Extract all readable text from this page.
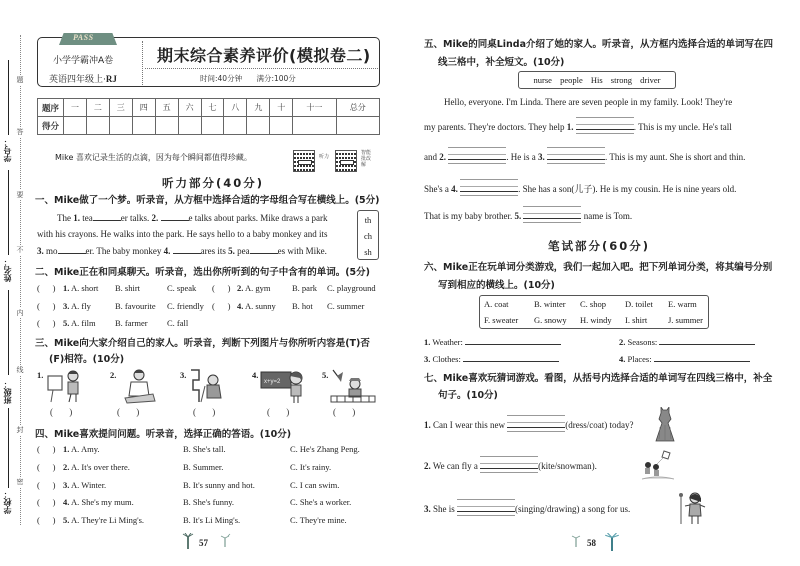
题
答
要
不
内
线
封
密
学号：
姓名：
班级：
学校：
PASS
小学学霸冲A卷
英语四年级上·RJ
期末综合素养评价(模拟卷二)
时间:40分钟 满分:100分
题序	一	二	三	四	五	六	七	八	九	十	十一	总分
得分												
Mike 喜欢记录生活的点滴，因为每个瞬间都值得珍藏。	听力
智能批改解
听力部分(40分)
一、Mike做了一个梦。听录音，从方框中选择合适的字母组合写在横线上。(5分)
The 1. tea	er talks. 2.	e talks about parks. Mike draws a park
with his crayons. He walks into the park. He says hello to a baby monkey and its
3. mo	er. The baby monkey 4.	ares its 5. pea	es with Mike.
th
ch
sh
二、Mike正在和同桌聊天。听录音，选出你所听到的句子中含有的单词。(5分)
(      ) 1. A. short B. shirt	C. speak (      ) 2. A. gym	B. park C. playground
(      ) 3. A. fly	B. favourite C. friendly (      ) 4. A. sunny B. hot C. summer
(      ) 5. A. film B. farmer C. fall
三、Mike向大家介绍自己的家人。听录音，判断下列图片与你所听内容是(T)否
(F)相符。(10分)
1.	2.	3.	4.
x+y=2
5.
( )	( )	( )	( )	( )
四、Mike喜欢提问问题。听录音，选择正确的答语。(10分)
(      ) 1. A. Amy.	B. She's tall.	C. He's Zhang Peng.
(      ) 2. A. It's over there.	B. Summer.	C. It's rainy.
(      ) 3. A. Winter.	B. It's sunny and hot.	C. I can swim.
(      ) 4. A. She's my mum.	B. She's funny.	C. She's a worker.
(      ) 5. A. They're Li Ming's.	B. It's Li Ming's.	C. They're mine.
57
五、Mike的同桌Linda介绍了她的家人。听录音，从方框内选择合适的单词写在四
线三格中，补全短文。(10分)
nurse people His strong driver
Hello, everyone. I'm Linda. There are seven people in my family. Look! They're
my parents. They're doctors. They help 1.	. This is my uncle. He's tall
and 2.	. He is a 3.	. This is my aunt. She is short and thin.
She's a 4.	. She has a son(儿子). He is my cousin. He is nine years old.
That is my baby brother. 5.	name is Tom.
笔试部分(60分)
六、Mike正在玩单词分类游戏，我们一起加入吧。把下列单词分类，将其编号分别
写到相应的横线上。(10分)
A. coat	B. winter C. shop D. toilet E. warm
F. sweater G. snowy H. windy I. shirt J. summer
1. Weather:	2. Seasons:
3. Clothes:	4. Places:
七、Mike喜欢玩猜词游戏。看图，从括号内选择合适的单词写在四线三格中，补全
句子。(10分)
1. Can I wear this new	(dress/coat) today?
2. We can fly a	(kite/snowman).
3. She is	(singing/drawing) a song for us.
58
